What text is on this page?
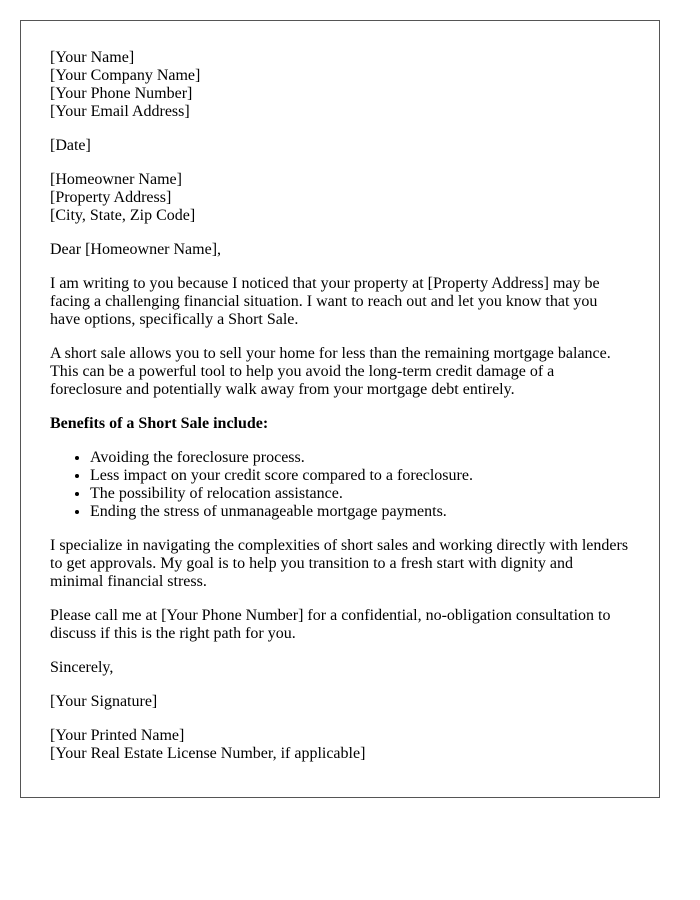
[Your Name]
[Your Company Name]
[Your Phone Number]
[Your Email Address]
[Date]
[Homeowner Name]
[Property Address]
[City, State, Zip Code]

Dear [Homeowner Name],

I am writing to you because I noticed that your property at [Property Address] may be facing a challenging financial situation. I want to reach out and let you know that you have options, specifically a Short Sale.

A short sale allows you to sell your home for less than the remaining mortgage balance. This can be a powerful tool to help you avoid the long-term credit damage of a foreclosure and potentially walk away from your mortgage debt entirely.

Benefits of a Short Sale include:

• Avoiding the foreclosure process.
• Less impact on your credit score compared to a foreclosure.
• The possibility of relocation assistance.
• Ending the stress of unmanageable mortgage payments.

I specialize in navigating the complexities of short sales and working directly with lenders to get approvals. My goal is to help you transition to a fresh start with dignity and minimal financial stress.

Please call me at [Your Phone Number] for a confidential, no-obligation consultation to discuss if this is the right path for you.

Sincerely,

[Your Signature]

[Your Printed Name]
[Your Real Estate License Number, if applicable]
